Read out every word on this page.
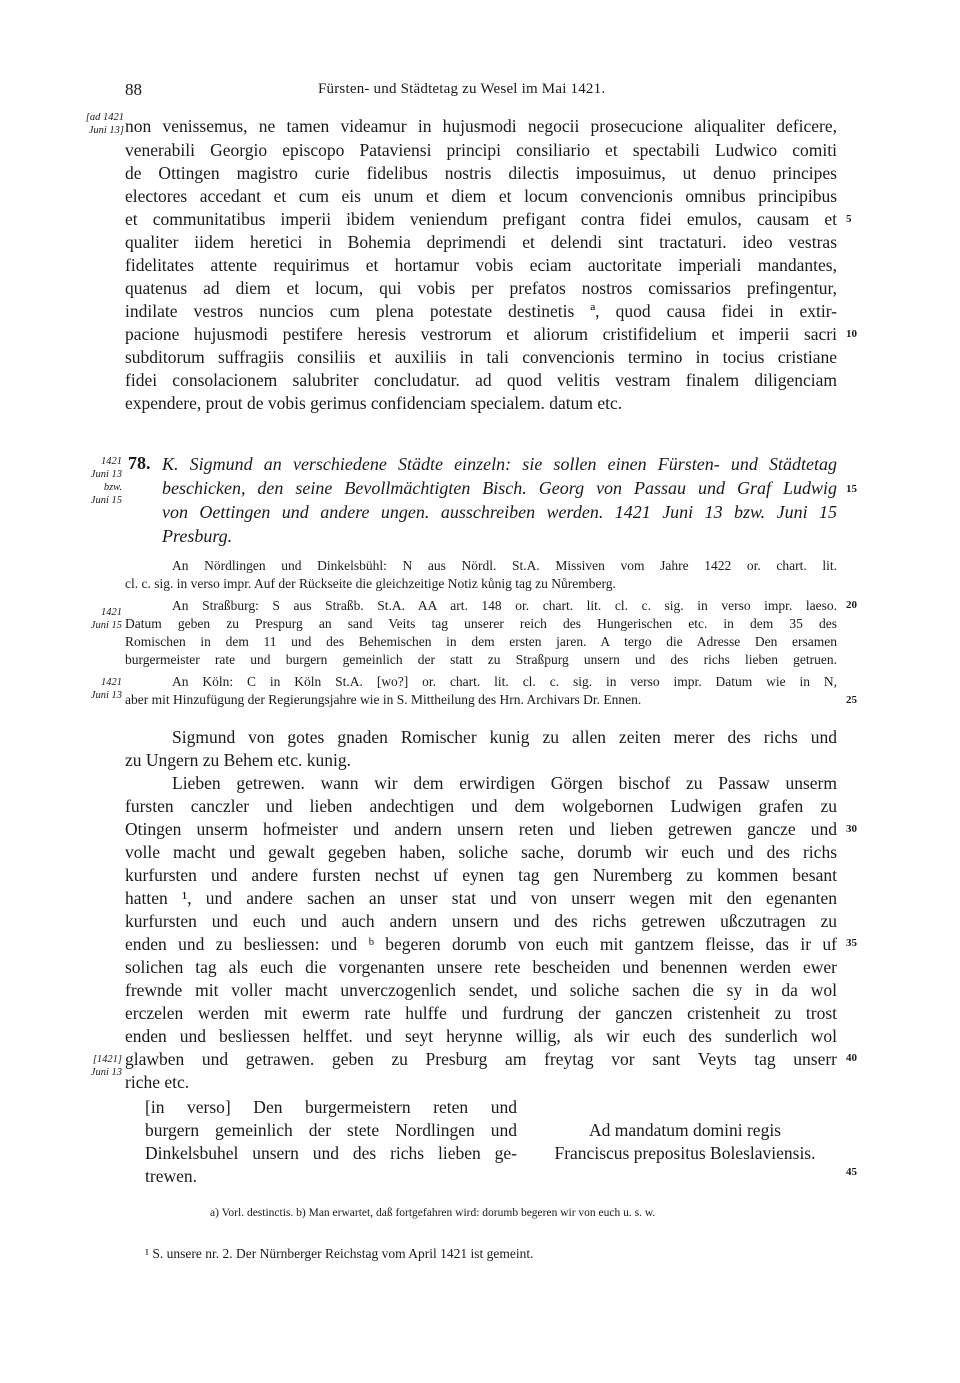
88	Fürsten- und Städtetag zu Wesel im Mai 1421.
[ad 1421
Juni 13] non venissemus, ne tamen videamur in hujusmodi negocii prosecucione aliqualiter deficere,
venerabili Georgio episcopo Pataviensi principi consiliario et spectabili Ludwico comiti
de Ottingen magistro curie fidelibus nostris dilectis imposuimus, ut denuo principes
electores accedant et cum eis unum et diem et locum convencionis omnibus principibus
et communitatibus imperii ibidem veniendum prefigant contra fidei emulos, causam et
qualiter iidem heretici in Bohemia deprimendi et delendi sint tractaturi. ideo vestras
fidelitates attente requirimus et hortamur vobis eciam auctoritate imperiali mandantes,
quatenus ad diem et locum, qui vobis per prefatos nostros comissarios prefingentur,
indilate vestros nuncios cum plena potestate destinetis ª, quod causa fidei in extir-
pacione hujusmodi pestifere heresis vestrorum et aliorum cristifidelium et imperii sacri
subditorum suffragiis consiliis et auxiliis in tali convencionis termino in tocius cristiane
fidei consolacionem salubriter concludatur. ad quod velitis vestram finalem diligenciam
expendere, prout de vobis gerimus confidenciam specialem. datum etc.
5
10
15
20
25
30
35
40
45
1421
Juni 13
bzw.
Juni 15
78. K. Sigmund an verschiedene Städte einzeln: sie sollen einen Fürsten- und Städtetag
beschicken, den seine Bevollmächtigten Bisch. Georg von Passau und Graf Ludwig
von Oettingen und andere ungen. ausschreiben werden. 1421 Juni 13 bzw. Juni 15
Presburg.
An Nördlingen und Dinkelsbühl: N aus Nördl. St.A. Missiven vom Jahre 1422 or. chart. lit.
cl. c. sig. in verso impr. Auf der Rückseite die gleichzeitige Notiz kůnig tag zu Nůremberg.
An Straßburg: S aus Straßb. St.A. AA art. 148 or. chart. lit. cl. c. sig. in verso impr. laeso.
Datum geben zu Prespurg an sand Veits tag unserer reich des Hungerischen etc. in dem 35 des
Romischen in dem 11 und des Behemischen in dem ersten jaren. A tergo die Adresse Den ersamen
burgermeister rate und burgern gemeinlich der statt zu Straßpurg unsern und des richs lieben getruen.
An Köln: C in Köln St.A. [wo?] or. chart. lit. cl. c. sig. in verso impr. Datum wie in N,
aber mit Hinzufügung der Regierungsjahre wie in S. Mittheilung des Hrn. Archivars Dr. Ennen.
1421
Juni 15
1421
Juni 13
Sigmund von gotes gnaden Romischer kunig zu allen zeiten merer des richs und
zu Ungern zu Behem etc. kunig.
Lieben getrewen. wann wir dem erwirdigen Görgen bischof zu Passaw unserm
fursten canczler und lieben andechtigen und dem wolgebornen Ludwigen grafen zu
Otingen unserm hofmeister und andern unsern reten und lieben getrewen gancze und
volle macht und gewalt gegeben haben, soliche sache, dorumb wir euch und des richs
kurfursten und andere fursten nechst uf eynen tag gen Nuremberg zu kommen besant
hatten ¹, und andere sachen an unser stat und von unserr wegen mit den egenanten
kurfursten und euch und auch andern unsern und des richs getrewen ußczutragen zu
enden und zu besliessen: und ᵇ begeren dorumb von euch mit gantzem fleisse, das ir uf
solichen tag als euch die vorgenanten unsere rete bescheiden und benennen werden ewer
frewnde mit voller macht unverczogenlich sendet, und soliche sachen die sy in da wol
erczelen werden mit ewerm rate hulffe und furdrung der ganczen cristenheit zu trost
enden und besliessen helffet. und seyt herynne willig, als wir euch des sunderlich wol
glawben und getrawen. geben zu Presburg am freytag vor sant Veyts tag unserr
riche etc.
[1421]
Juni 13
[in verso] Den burgermeistern reten und
burgern gemeinlich der stete Nordlingen und
Dinkelsbuhel unsern und des richs lieben ge-
trewen.
Ad mandatum domini regis
Franciscus prepositus Boleslaviensis.
a) Vorl. destinctis. b) Man erwartet, daß fortgefahren wird: dorumb begeren wir von euch u. s. w.
¹ S. unsere nr. 2. Der Nürnberger Reichstag vom April 1421 ist gemeint.
